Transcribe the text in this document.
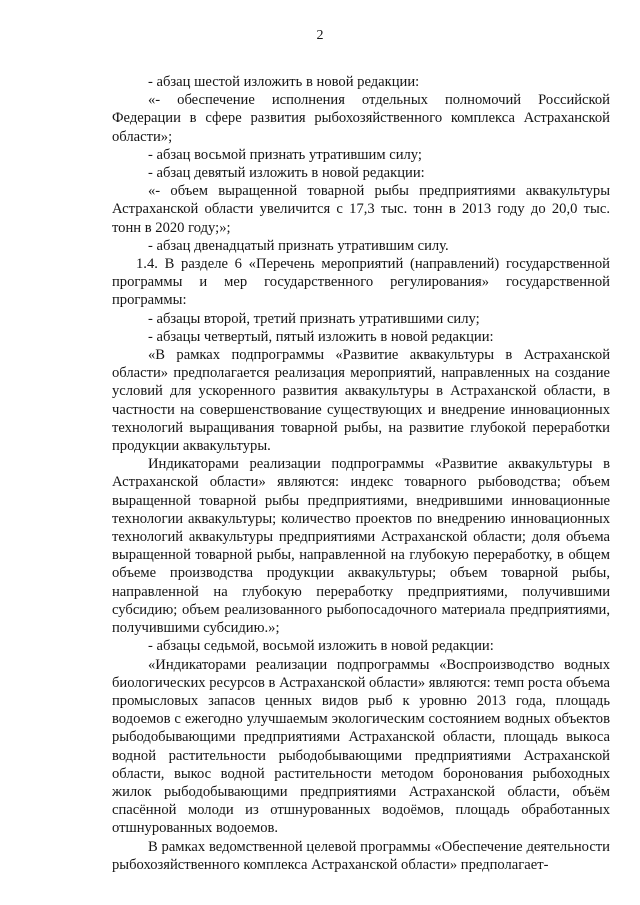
2

- абзац шестой изложить в новой редакции:

«- обеспечение исполнения отдельных полномочий Российской Федерации в сфере развития рыбохозяйственного комплекса Астраханской области»;

- абзац восьмой признать утратившим силу;

- абзац девятый изложить в новой редакции:

«- объем выращенной товарной рыбы предприятиями аквакультуры Астраханской области увеличится с 17,3 тыс. тонн в 2013 году до 20,0 тыс. тонн в 2020 году;»;

- абзац двенадцатый признать утратившим силу.

1.4. В разделе 6 «Перечень мероприятий (направлений) государственной программы и мер государственного регулирования» государственной программы:

- абзацы второй, третий признать утратившими силу;

- абзацы четвертый, пятый изложить в новой редакции:

«В рамках подпрограммы «Развитие аквакультуры в Астраханской области» предполагается реализация мероприятий, направленных на создание условий для ускоренного развития аквакультуры в Астраханской области, в частности на совершенствование существующих и внедрение инновационных технологий выращивания товарной рыбы, на развитие глубокой переработки продукции аквакультуры.

Индикаторами реализации подпрограммы «Развитие аквакультуры в Астраханской области» являются: индекс товарного рыбоводства; объем выращенной товарной рыбы предприятиями, внедрившими инновационные технологии аквакультуры; количество проектов по внедрению инновационных технологий аквакультуры предприятиями Астраханской области; доля объема выращенной товарной рыбы, направленной на глубокую переработку, в общем объеме производства продукции аквакультуры; объем товарной рыбы, направленной на глубокую переработку предприятиями, получившими субсидию; объем реализованного рыбопосадочного материала предприятиями, получившими субсидию.»;

- абзацы седьмой, восьмой изложить в новой редакции:

«Индикаторами реализации подпрограммы «Воспроизводство водных биологических ресурсов в Астраханской области» являются: темп роста объема промысловых запасов ценных видов рыб к уровню 2013 года, площадь водоемов с ежегодно улучшаемым экологическим состоянием водных объектов рыбодобывающими предприятиями Астраханской области, площадь выкоса водной растительности рыбодобывающими предприятиями Астраханской области, выкос водной растительности методом боронования рыбоходных жилок рыбодобывающими предприятиями Астраханской области, объём спасённой молоди из отшнурованных водоёмов, площадь обработанных отшнурованных водоемов.

В рамках ведомственной целевой программы «Обеспечение деятельности рыбохозяйственного комплекса Астраханской области» предполагает-
